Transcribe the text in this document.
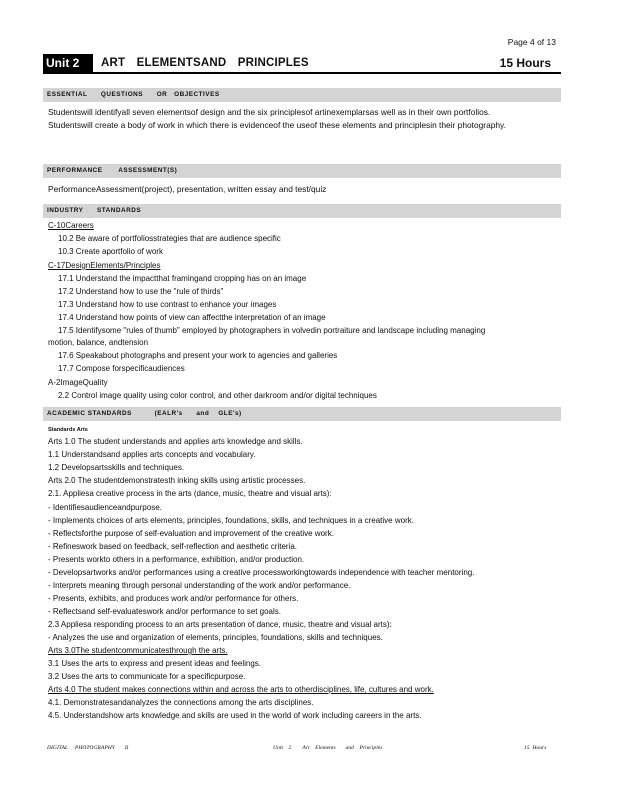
Page 4 of 13
Unit 2	ART ELEMENTSAND PRINCIPLES	15 Hours
ESSENTIAL      QUESTIONS      OR   OBJECTIVES
Studentswill identifyall seven elementsof design and the six principlesof artinexemplarsas well as in their own portfolios.
Studentswill create a body of work in which there is evidenceof the useof these elements and principlesin their photography.
PERFORMANCE       ASSESSMENT(S)
PerformanceAssessment(project), presentation, written essay and test/quiz
INDUSTRY      STANDARDS
C-10Careers
10.2 Be aware of portfoliosstrategies that are audience specific
10.3 Create aportfolio of work
C-17DesignElements/Principles
17.1 Understand the impactthat framingand cropping has on an image
17.2 Understand how to use the "rule of thirds"
17.3 Understand how to use contrast to enhance your images
17.4 Understand how points of view can affectthe interpretation of an image
17.5 Identifysome "rules of thumb" employed by photographers in volvedin portraiture and landscape including managing
motion, balance, andtension
17.6 Speakabout photographs and present your work to agencies and galleries
17.7 Compose forspecificaudiences
A-2ImageQuality
2.2 Control image quality using color control, and other darkroom and/or digital techniques
ACADEMIC STANDARDS          (EALR's      and    GLE's)
Standards Arts
Arts 1.0 The student understands and applies arts knowledge and skills.
1.1 Understandsand applies arts concepts and vocabulary.
1.2 Developsartsskills and techniques.
Arts 2.0 The studentdemonstratesth inking skills using artistic processes.
2.1. Appliesa creative process in the arts (dance, music, theatre and visual arts):
- Identifiesaudienceandpurpose.
- Implements choices of arts elements, principles, foundations, skills, and techniques in a creative work.
- Reflectsforthe purpose of self-evaluation and improvement of the creative work.
- Refineswork based on feedback, self-reflection and aesthetic criteria.
- Presents workto others in a performance, exhibition, and/or production.
- Developsartworks and/or performances using a creative processworkingtowards independence with teacher mentoring.
- Interprets meaning through personal understanding of the work and/or performance.
- Presents, exhibits, and produces work and/or performance for others.
- Reflectsand self-evaluateswork and/or performance to set goals.
2.3 Appliesa responding process to an arts presentation of dance, music, theatre and visual arts):
- Analyzes the use and organization of elements, principles, foundations, skills and techniques.
Arts 3.0The studentcommunicatesthrough the arts.
3.1 Uses the arts to express and present ideas and feelings.
3.2 Uses the arts to communicate for a specificpurpose.
Arts 4.0 The student makes connections within and across the arts to otherdisciplines, life, cultures and work.
4.1. Demonstratesandanalyzes the connections among the arts disciplines.
4.5. Understandshow arts knowledge and skills are used in the world of work including careers in the arts.
DIGITAL     PHOTOGRAPHY       II	Unit    2        Art    Elements       and    Principles	15  Hours
